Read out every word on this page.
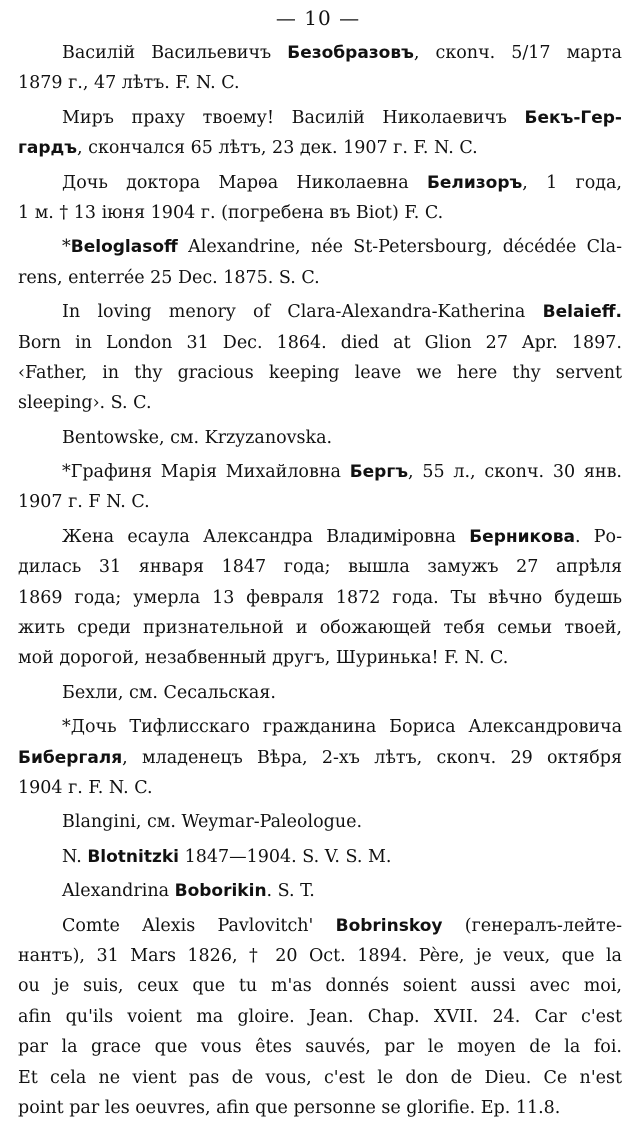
— 10 —
Василій Васильевичъ Безобразовъ, скonч. 5/17 марта
1879 г., 47 лѣтъ. F. N. C.
Миръ праху твоему! Василій Николаевичъ Бекъ-Гер-
гардъ, скончался 65 лѣтъ, 23 дек. 1907 г. F. N. C.
Дочь доктора Марѳа Николаевна Белизоръ, 1 года,
1 м. † 13 іюня 1904 г. (погребена въ Biot) F. C.
*Beloglasoff Alexandrine, née St-Petersbourg, décédée Cla-
rens, enterrée 25 Dec. 1875. S. C.
In loving menory of Clara-Alexandra-Katherina Belaieff.
Born in London 31 Dec. 1864. died at Glion 27 Apr. 1897.
‹Father, in thy gracious keeping leave we here thy servent
sleeping›. S. C.
Bentowske, см. Krzyzanovska.
*Графиня Марія Михайловна Бергъ, 55 л., скonч. 30 янв.
1907 г. F N. C.
Жена есаула Александра Владиміровна Берникова. Ро-
дилась 31 января 1847 года; вышла замужъ 27 апрѣля
1869 года; умерла 13 февраля 1872 года. Ты вѣчно будешь
жить среди признательной и обожающей тебя семьи твоей,
мой дорогой, незабвенный другъ, Шуринька! F. N. C.
Бехли, см. Сесальская.
*Дочь Тифлисскаго гражданина Бориса Александровича
Бибергаля, младенецъ Вѣра, 2-хъ лѣтъ, скonч. 29 октября
1904 г. F. N. C.
Blangini, см. Weymar-Paleologue.
N. Blotnitzki 1847—1904. S. V. S. M.
Alexandrina Boborikin. S. T.
Comte Alexis Pavlovitch' Bobrinskoy (генералъ-лейте-
нантъ), 31 Mars 1826, † 20 Oct. 1894. Père, je veux, que la
ou je suis, ceux que tu m'as donnés soient aussi avec moi,
afin qu'ils voient ma gloire. Jean. Chap. XVII. 24. Car c'est
par la grace que vous êtes sauvés, par le moyen de la foi.
Et cela ne vient pas de vous, c'est le don de Dieu. Ce n'est
point par les oeuvres, afin que personne se glorifie. Ep. 11.8.
